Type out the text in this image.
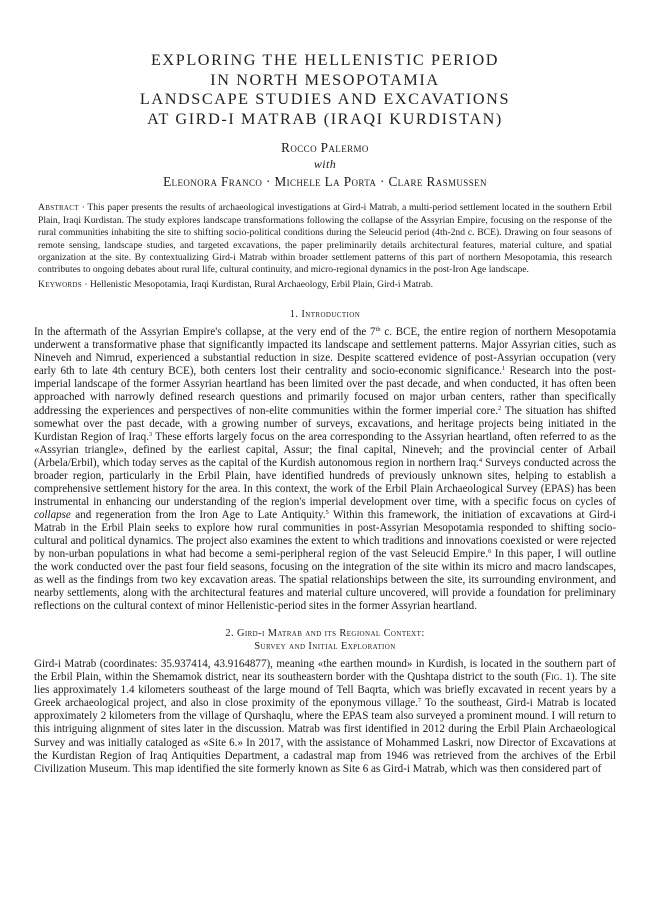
EXPLORING THE HELLENISTIC PERIOD
IN NORTH MESOPOTAMIA
LANDSCAPE STUDIES AND EXCAVATIONS
AT GIRD-I MATRAB (IRAQI KURDISTAN)
Rocco Palermo
with
Eleonora Franco · Michele La Porta · Clare Rasmussen

Abstract · This paper presents the results of archaeological investigations at Gird-i Matrab, a multi-period settlement located in the southern Erbil Plain, Iraqi Kurdistan. The study explores landscape transformations following the collapse of the Assyrian Empire, focusing on the response of the rural communities inhabiting the site to shifting socio-political conditions during the Seleucid period (4th-2nd c. BCE). Drawing on four seasons of remote sensing, landscape studies, and targeted excavations, the paper preliminarily details architectural features, material culture, and spatial organization at the site. By contextualizing Gird-i Matrab within broader settlement patterns of this part of northern Mesopotamia, this research contributes to ongoing debates about rural life, cultural continuity, and micro-regional dynamics in the post-Iron Age landscape.

Keywords · Hellenistic Mesopotamia, Iraqi Kurdistan, Rural Archaeology, Erbil Plain, Gird-i Matrab.

1. Introduction

In the aftermath of the Assyrian Empire's collapse, at the very end of the 7th c. BCE, the entire region of northern Mesopotamia underwent a transformative phase that significantly impacted its landscape and settlement patterns. Major Assyrian cities, such as Nineveh and Nimrud, experienced a substantial reduction in size. Despite scattered evidence of post-Assyrian occupation (very early 6th to late 4th century BCE), both centers lost their centrality and socio-economic significance.$^1$ Research into the post-imperial landscape of the former Assyrian heartland has been limited over the past decade, and when conducted, it has often been approached with narrowly defined research questions and primarily focused on major urban centers, rather than specifically addressing the experiences and perspectives of non-elite communities within the former imperial core.$^2$ The situation has shifted somewhat over the past decade, with a growing number of surveys, excavations, and heritage projects being initiated in the Kurdistan Region of Iraq.$^3$ These efforts largely focus on the area corresponding to the Assyrian heartland, often referred to as the «Assyrian triangle», defined by the earliest capital, Assur; the final capital, Nineveh; and the provincial center of Arbail (Arbela/Erbil), which today serves as the capital of the Kurdish autonomous region in northern Iraq.$^4$ Surveys conducted across the broader region, particularly in the Erbil Plain, have identified hundreds of previously unknown sites, helping to establish a comprehensive settlement history for the area. In this context, the work of the Erbil Plain Archaeological Survey (EPAS) has been instrumental in enhancing our understanding of the region's imperial development over time, with a specific focus on cycles of collapse and regeneration from the Iron Age to Late Antiquity.$^5$ Within this framework, the initiation of excavations at Gird-i Matrab in the Erbil Plain seeks to explore how rural communities in post-Assyrian Mesopotamia responded to shifting socio-cultural and political dynamics. The project also examines the extent to which traditions and innovations coexisted or were rejected by non-urban populations in what had become a semi-peripheral region of the vast Seleucid Empire.$^6$ In this paper, I will outline the work conducted over the past four field seasons, focusing on the integration of the site within its micro and macro landscapes, as well as the findings from two key excavation areas. The spatial relationships between the site, its surrounding environment, and nearby settlements, along with the architectural features and material culture uncovered, will provide a foundation for preliminary reflections on the cultural context of minor Hellenistic-period sites in the former Assyrian heartland.

2. Gird-i Matrab and its Regional Context:
Survey and Initial Exploration

Gird-i Matrab (coordinates: 35.937414, 43.9164877), meaning «the earthen mound» in Kurdish, is located in the southern part of the Erbil Plain, within the Shemamok district, near its southeastern border with the Qushtapa district to the south (Fig. 1). The site lies approximately 1.4 kilometers southeast of the large mound of Tell Baqrta, which was briefly excavated in recent years by a Greek archaeological project, and also in close proximity of the eponymous village.$^7$ To the southeast, Gird-i Matrab is located approximately 2 kilometers from the village of Qurshaqlu, where the EPAS team also surveyed a prominent mound. I will return to this intriguing alignment of sites later in the discussion. Matrab was first identified in 2012 during the Erbil Plain Archaeological Survey and was initially cataloged as «Site 6.» In 2017, with the assistance of Mohammed Laskri, now Director of Excavations at the Kurdistan Region of Iraq Antiquities Department, a cadastral map from 1946 was retrieved from the archives of the Erbil Civilization Museum. This map identified the site formerly known as Site 6 as Gird-i Matrab, which was then considered part of
